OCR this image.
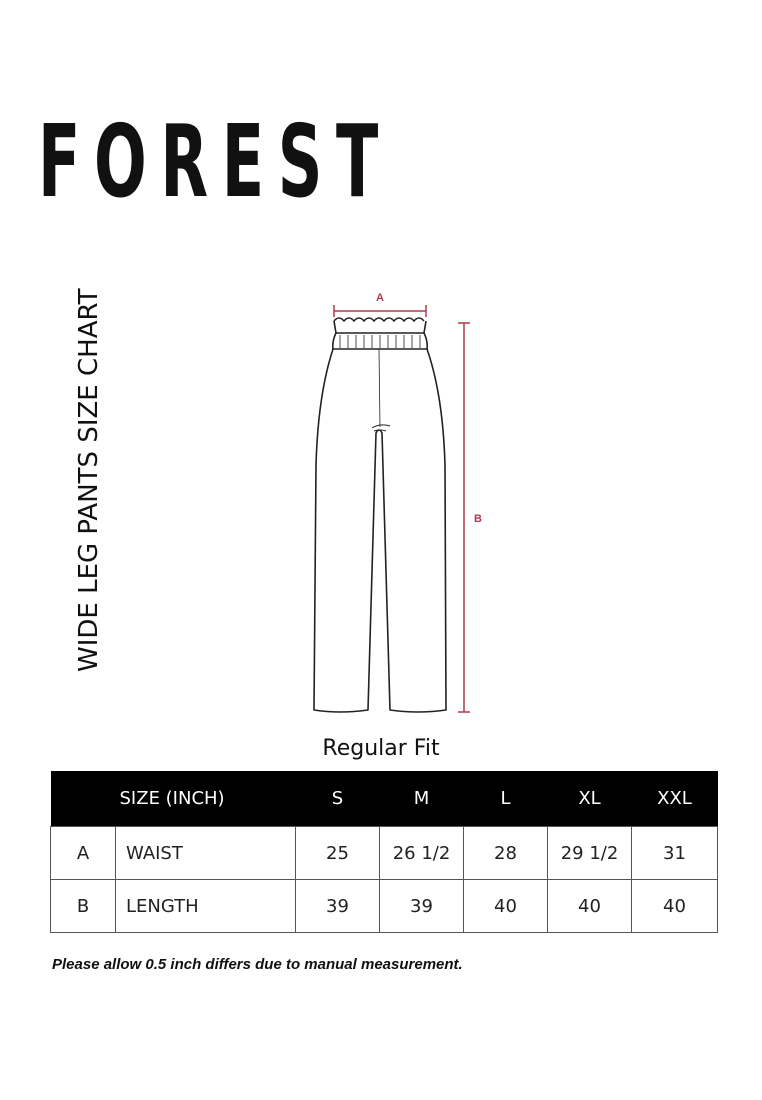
FOREST
WIDE LEG PANTS SIZE CHART	A
B
Regular Fit
	SIZE (INCH)	S	M	L	XL	XXL
A	WAIST	25	26 1/2	28	29 1/2	31
B	LENGTH	39	39	40	40	40
Please allow 0.5 inch differs due to manual measurement.
